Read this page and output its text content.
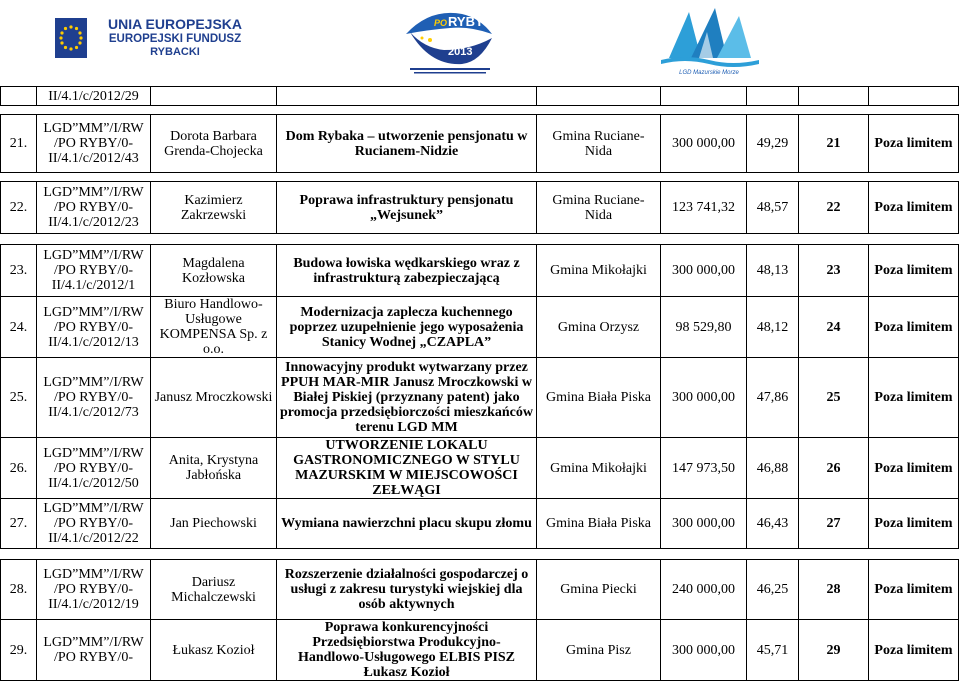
UNIA EUROPEJSKA
EUROPEJSKI FUNDUSZ
RYBACKI
PO RYBY
2007
2013
LGD Mazurskie Morze

	II/4.1/c/2012/29							

21.	LGD”MM”/I/RW
/PO RYBY/0-
II/4.1/c/2012/43	Dorota Barbara Grenda-Chojecka	Dom Rybaka – utworzenie pensjonatu w Rucianem-Nidzie	Gmina Ruciane-Nida	300 000,00	49,29	21	Poza limitem

22.	LGD”MM”/I/RW
/PO RYBY/0-
II/4.1/c/2012/23	Kazimierz Zakrzewski	Poprawa infrastruktury pensjonatu „Wejsunek”	Gmina Ruciane-Nida	123 741,32	48,57	22	Poza limitem

23.	LGD”MM”/I/RW
/PO RYBY/0-
II/4.1/c/2012/1	Magdalena Kozłowska	Budowa łowiska wędkarskiego wraz z infrastrukturą zabezpieczającą	Gmina Mikołajki	300 000,00	48,13	23	Poza limitem
24.	LGD”MM”/I/RW
/PO RYBY/0-
II/4.1/c/2012/13	Biuro Handlowo-Usługowe KOMPENSA Sp. z o.o.	Modernizacja zaplecza kuchennego poprzez uzupełnienie jego wyposażenia Stanicy Wodnej „CZAPLA”	Gmina Orzysz	98 529,80	48,12	24	Poza limitem
25.	LGD”MM”/I/RW
/PO RYBY/0-
II/4.1/c/2012/73	Janusz Mroczkowski	Innowacyjny produkt wytwarzany przez PPUH MAR-MIR Janusz Mroczkowski w Białej Piskiej (przyznany patent) jako promocja przedsiębiorczości mieszkańców terenu LGD MM	Gmina Biała Piska	300 000,00	47,86	25	Poza limitem
26.	LGD”MM”/I/RW
/PO RYBY/0-
II/4.1/c/2012/50	Anita, Krystyna Jabłońska	UTWORZENIE LOKALU GASTRONOMICZNEGO W STYLU MAZURSKIM W MIEJSCOWOŚCI ZEŁWĄGI	Gmina Mikołajki	147 973,50	46,88	26	Poza limitem
27.	LGD”MM”/I/RW
/PO RYBY/0-
II/4.1/c/2012/22	Jan Piechowski	Wymiana nawierzchni placu skupu złomu	Gmina Biała Piska	300 000,00	46,43	27	Poza limitem

28.	LGD”MM”/I/RW
/PO RYBY/0-
II/4.1/c/2012/19	Dariusz Michalczewski	Rozszerzenie działalności gospodarczej o usługi z zakresu turystyki wiejskiej dla osób aktywnych	Gmina Piecki	240 000,00	46,25	28	Poza limitem
29.	LGD”MM”/I/RW
/PO RYBY/0-	Łukasz Kozioł	Poprawa konkurencyjności Przedsiębiorstwa Produkcyjno-Handlowo-Usługowego ELBIS PISZ Łukasz Kozioł	Gmina Pisz	300 000,00	45,71	29	Poza limitem
